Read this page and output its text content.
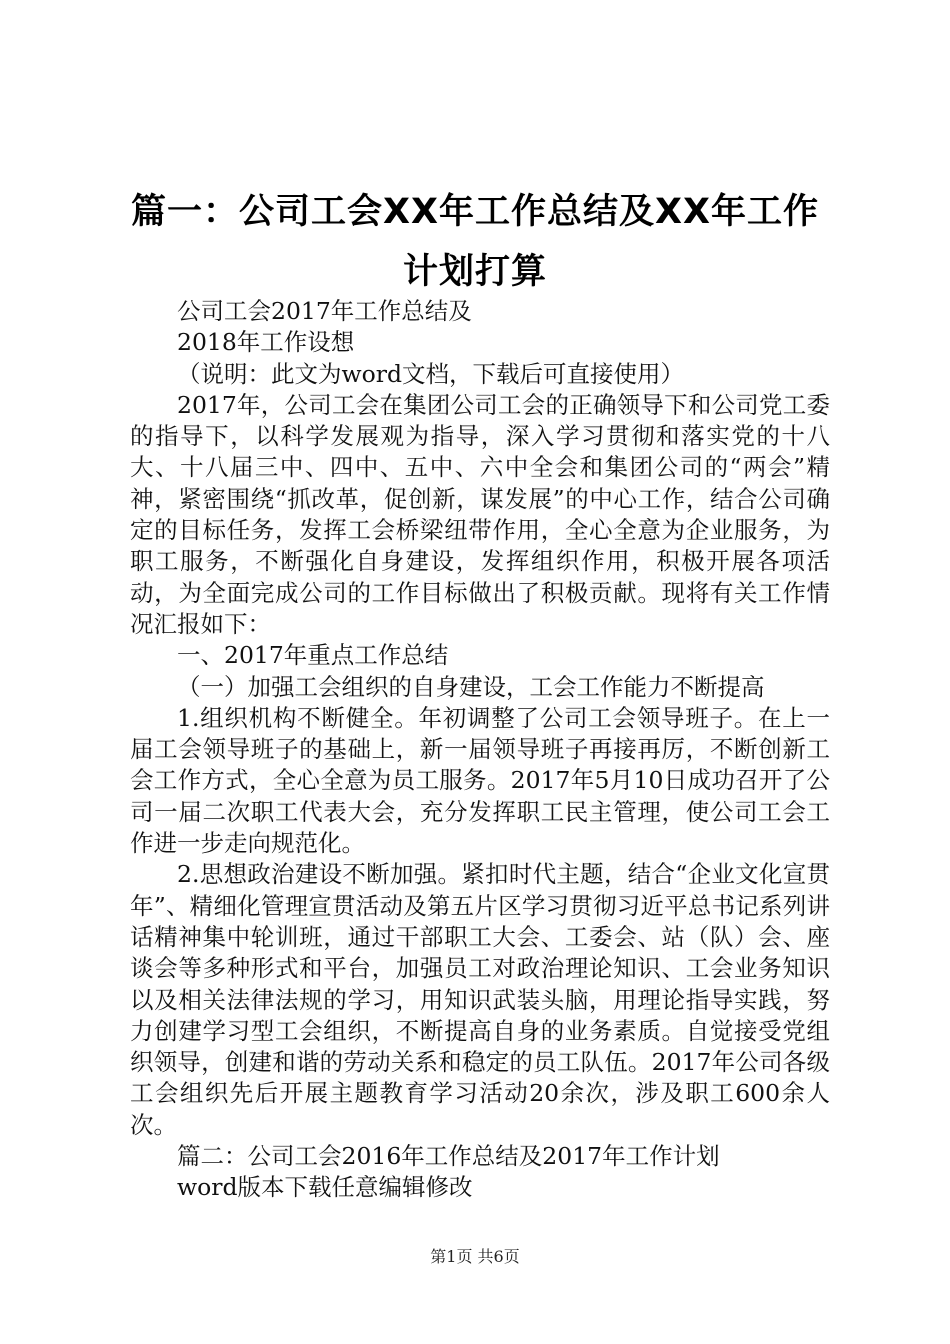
篇一：公司工会XX年工作总结及XX年工作计划打算

公司工会2017年工作总结及

2018年工作设想

（说明：此文为word文档，下载后可直接使用）

2017年，公司工会在集团公司工会的正确领导下和公司党工委的指导下，以科学发展观为指导，深入学习贯彻和落实党的十八大、十八届三中、四中、五中、六中全会和集团公司的“两会”精神，紧密围绕“抓改革，促创新，谋发展”的中心工作，结合公司确定的目标任务，发挥工会桥梁纽带作用，全心全意为企业服务，为职工服务，不断强化自身建设，发挥组织作用，积极开展各项活动，为全面完成公司的工作目标做出了积极贡献。现将有关工作情况汇报如下：

一、2017年重点工作总结

（一）加强工会组织的自身建设，工会工作能力不断提高

1.组织机构不断健全。年初调整了公司工会领导班子。在上一届工会领导班子的基础上，新一届领导班子再接再厉，不断创新工会工作方式，全心全意为员工服务。2017年5月10日成功召开了公司一届二次职工代表大会，充分发挥职工民主管理，使公司工会工作进一步走向规范化。

2.思想政治建设不断加强。紧扣时代主题，结合“企业文化宣贯年”、精细化管理宣贯活动及第五片区学习贯彻习近平总书记系列讲话精神集中轮训班，通过干部职工大会、工委会、站（队）会、座谈会等多种形式和平台，加强员工对政治理论知识、工会业务知识以及相关法律法规的学习，用知识武装头脑，用理论指导实践，努力创建学习型工会组织，不断提高自身的业务素质。自觉接受党组织领导，创建和谐的劳动关系和稳定的员工队伍。2017年公司各级工会组织先后开展主题教育学习活动20余次，涉及职工600余人次。

篇二：公司工会2016年工作总结及2017年工作计划

word版本下载任意编辑修改

第1页 共6页
